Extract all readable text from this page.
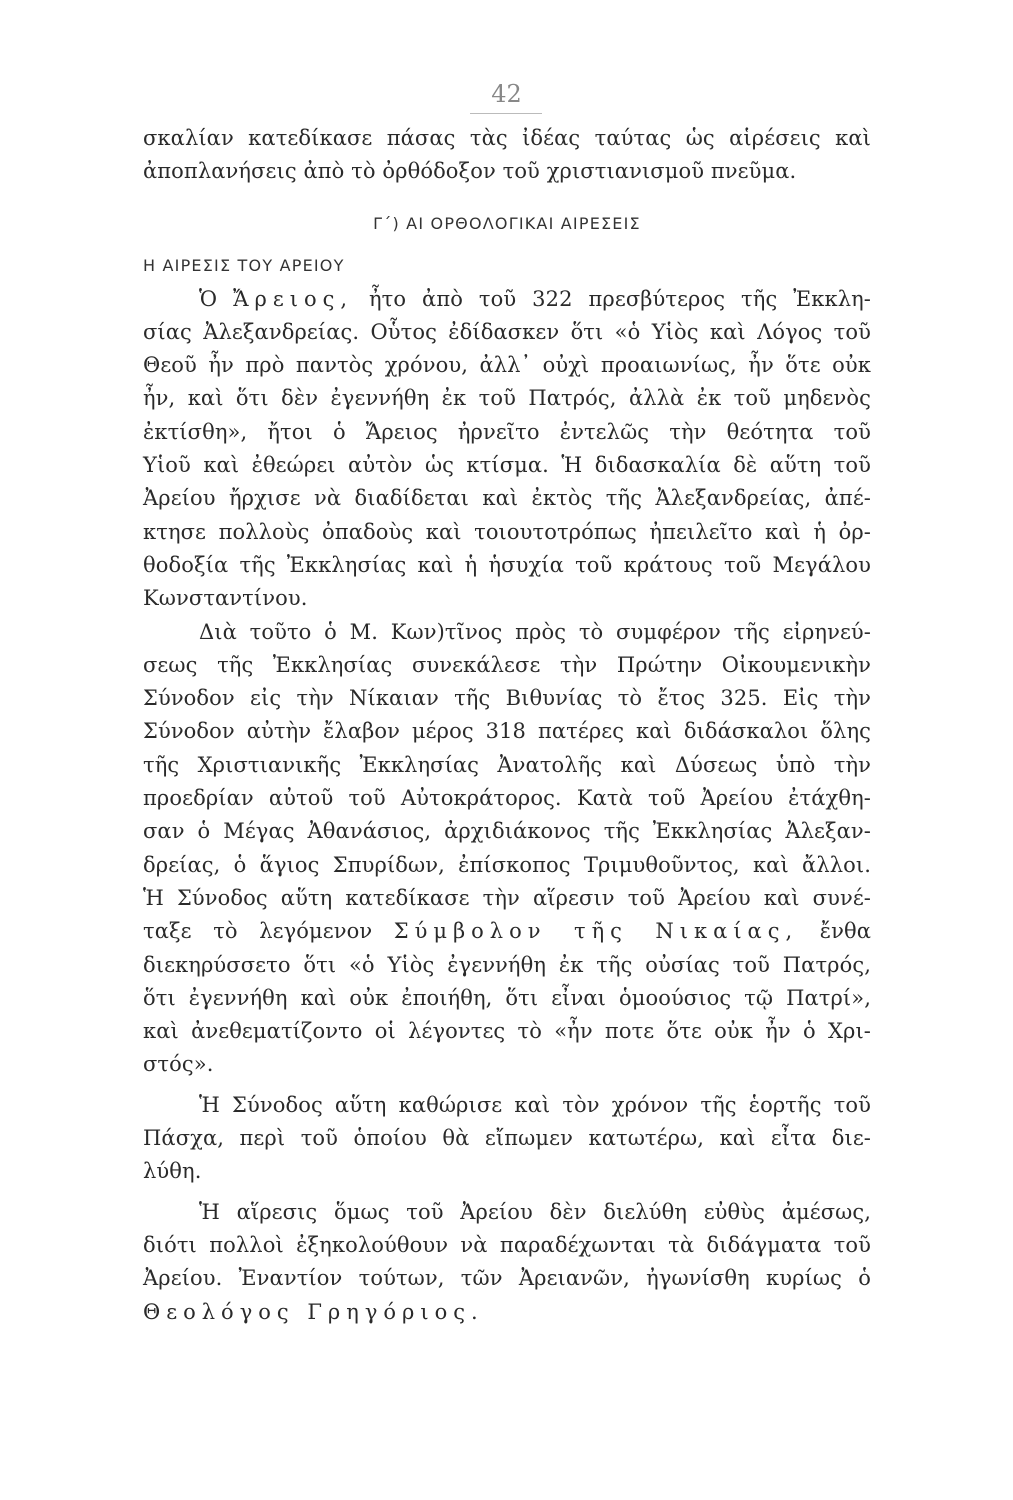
42
σκαλίαν κατεδίκασε πάσας τὰς ἰδέας ταύτας ὡς αἱρέσεις καὶ
ἀποπλανήσεις ἀπὸ τὸ ὀρθόδοξον τοῦ χριστιανισμοῦ πνεῦμα.
Γ΄) ΑΙ ΟΡΘΟΛΟΓΙΚΑΙ ΑΙΡΕΣΕΙΣ
Η ΑΙΡΕΣΙΣ ΤΟΥ ΑΡΕΙΟΥ
Ὁ Ἄρειος, ἦτο ἀπὸ τοῦ 322 πρεσβύτερος τῆς Ἐκκλη-
σίας Ἀλεξανδρείας. Οὗτος ἐδίδασκεν ὅτι «ὁ Υἱὸς καὶ Λόγος τοῦ
Θεοῦ ἦν πρὸ παντὸς χρόνου, ἀλλ᾽ οὐχὶ προαιωνίως, ἦν ὅτε οὐκ
ἦν, καὶ ὅτι δὲν ἐγεννήθη ἐκ τοῦ Πατρός, ἀλλὰ ἐκ τοῦ μηδενὸς
ἐκτίσθη», ἤτοι ὁ Ἄρειος ἠρνεῖτο ἐντελῶς τὴν θεότητα τοῦ
Υἱοῦ καὶ ἐθεώρει αὐτὸν ὡς κτίσμα. Ἡ διδασκαλία δὲ αὕτη τοῦ
Ἀρείου ἤρχισε νὰ διαδίδεται καὶ ἐκτὸς τῆς Ἀλεξανδρείας, ἀπέ-
κτησε πολλοὺς ὀπαδοὺς καὶ τοιουτοτρόπως ἠπειλεῖτο καὶ ἡ ὀρ-
θοδοξία τῆς Ἐκκλησίας καὶ ἡ ἡσυχία τοῦ κράτους τοῦ Μεγάλου
Κωνσταντίνου.
Διὰ τοῦτο ὁ Μ. Κων)τῖνος πρὸς τὸ συμφέρον τῆς εἰρηνεύ-
σεως τῆς Ἐκκλησίας συνεκάλεσε τὴν Πρώτην Οἰκουμενικὴν
Σύνοδον εἰς τὴν Νίκαιαν τῆς Βιθυνίας τὸ ἔτος 325. Εἰς τὴν
Σύνοδον αὐτὴν ἔλαβον μέρος 318 πατέρες καὶ διδάσκαλοι ὅλης
τῆς Χριστιανικῆς Ἐκκλησίας Ἀνατολῆς καὶ Δύσεως ὑπὸ τὴν
προεδρίαν αὐτοῦ τοῦ Αὐτοκράτορος. Κατὰ τοῦ Ἀρείου ἐτάχθη-
σαν ὁ Μέγας Ἀθανάσιος, ἀρχιδιάκονος τῆς Ἐκκλησίας Ἀλεξαν-
δρείας, ὁ ἅγιος Σπυρίδων, ἐπίσκοπος Τριμυθοῦντος, καὶ ἄλλοι.
Ἡ Σύνοδος αὕτη κατεδίκασε τὴν αἵρεσιν τοῦ Ἀρείου καὶ συνέ-
ταξε τὸ λεγόμενον Σύμβολον τῆς Νικαίας, ἔνθα
διεκηρύσσετο ὅτι «ὁ Υἱὸς ἐγεννήθη ἐκ τῆς οὐσίας τοῦ Πατρός,
ὅτι ἐγεννήθη καὶ οὐκ ἐποιήθη, ὅτι εἶναι ὁμοούσιος τῷ Πατρί»,
καὶ ἀνεθεματίζοντο οἱ λέγοντες τὸ «ἦν ποτε ὅτε οὐκ ἦν ὁ Χρι-
στός».
Ἡ Σύνοδος αὕτη καθώρισε καὶ τὸν χρόνον τῆς ἑορτῆς τοῦ
Πάσχα, περὶ τοῦ ὁποίου θὰ εἴπωμεν κατωτέρω, καὶ εἶτα διε-
λύθη.
Ἡ αἵρεσις ὅμως τοῦ Ἀρείου δὲν διελύθη εὐθὺς ἀμέσως,
διότι πολλοὶ ἐξηκολούθουν νὰ παραδέχωνται τὰ διδάγματα τοῦ
Ἀρείου. Ἐναντίον τούτων, τῶν Ἀρειανῶν, ἠγωνίσθη κυρίως ὁ
Θεολόγος Γρηγόριος.
